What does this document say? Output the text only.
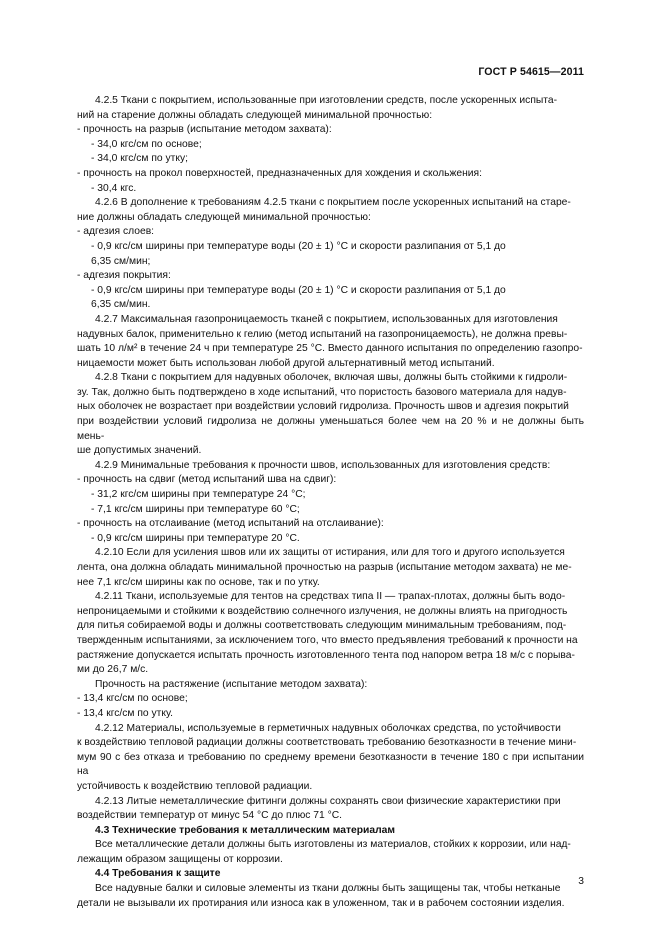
ГОСТ Р 54615—2011
4.2.5 Ткани с покрытием, использованные при изготовлении средств, после ускоренных испыта-
ний на старение должны обладать следующей минимальной прочностью:
- прочность на разрыв (испытание методом захвата):
- 34,0 кгс/см по основе;
- 34,0 кгс/см по утку;
- прочность на прокол поверхностей, предназначенных для хождения и скольжения:
- 30,4 кгс.
4.2.6 В дополнение к требованиям 4.2.5 ткани с покрытием после ускоренных испытаний на старе-
ние должны обладать следующей минимальной прочностью:
- адгезия слоев:
- 0,9 кгс/см ширины при температуре воды (20 ± 1) °С и скорости разлипания от 5,1 до
6,35 см/мин;
- адгезия покрытия:
- 0,9 кгс/см ширины при температуре воды (20 ± 1) °С и скорости разлипания от 5,1 до
6,35 см/мин.
4.2.7 Максимальная газопроницаемость тканей с покрытием, использованных для изготовления
надувных балок, применительно к гелию (метод испытаний на газопроницаемость), не должна превы-
шать 10 л/м² в течение 24 ч при температуре 25 °С. Вместо данного испытания по определению газопро-
ницаемости может быть использован любой другой альтернативный метод испытаний.
4.2.8 Ткани с покрытием для надувных оболочек, включая швы, должны быть стойкими к гидроли-
зу. Так, должно быть подтверждено в ходе испытаний, что пористость базового материала для надув-
ных оболочек не возрастает при воздействии условий гидролиза. Прочность швов и адгезия покрытий
при воздействии условий гидролиза не должны уменьшаться более чем на 20 % и не должны быть мень-
ше допустимых значений.
4.2.9 Минимальные требования к прочности швов, использованных для изготовления средств:
- прочность на сдвиг (метод испытаний шва на сдвиг):
- 31,2 кгс/см ширины при температуре 24 °С;
- 7,1 кгс/см ширины при температуре 60 °С;
- прочность на отслаивание (метод испытаний на отслаивание):
- 0,9 кгс/см ширины при температуре 20 °С.
4.2.10 Если для усиления швов или их защиты от истирания, или для того и другого используется
лента, она должна обладать минимальной прочностью на разрыв (испытание методом захвата) не ме-
нее 7,1 кгс/см ширины как по основе, так и по утку.
4.2.11 Ткани, используемые для тентов на средствах типа II — трапах-плотах, должны быть водо-
непроницаемыми и стойкими к воздействию солнечного излучения, не должны влиять на пригодность
для питья собираемой воды и должны соответствовать следующим минимальным требованиям, под-
твержденным испытаниями, за исключением того, что вместо предъявления требований к прочности на
растяжение допускается испытать прочность изготовленного тента под напором ветра 18 м/с с порыва-
ми до 26,7 м/с.
Прочность на растяжение (испытание методом захвата):
- 13,4 кгс/см по основе;
- 13,4 кгс/см по утку.
4.2.12 Материалы, используемые в герметичных надувных оболочках средства, по устойчивости
к воздействию тепловой радиации должны соответствовать требованию безотказности в течение мини-
мум 90 с без отказа и требованию по среднему времени безотказности в течение 180 с при испытании на
устойчивость к воздействию тепловой радиации.
4.2.13 Литые неметаллические фитинги должны сохранять свои физические характеристики при
воздействии температур от минус 54 °С до плюс 71 °С.
4.3 Технические требования к металлическим материалам
Все металлические детали должны быть изготовлены из материалов, стойких к коррозии, или над-
лежащим образом защищены от коррозии.
4.4 Требования к защите
Все надувные балки и силовые элементы из ткани должны быть защищены так, чтобы нетканые
детали не вызывали их протирания или износа как в уложенном, так и в рабочем состоянии изделия.
3
